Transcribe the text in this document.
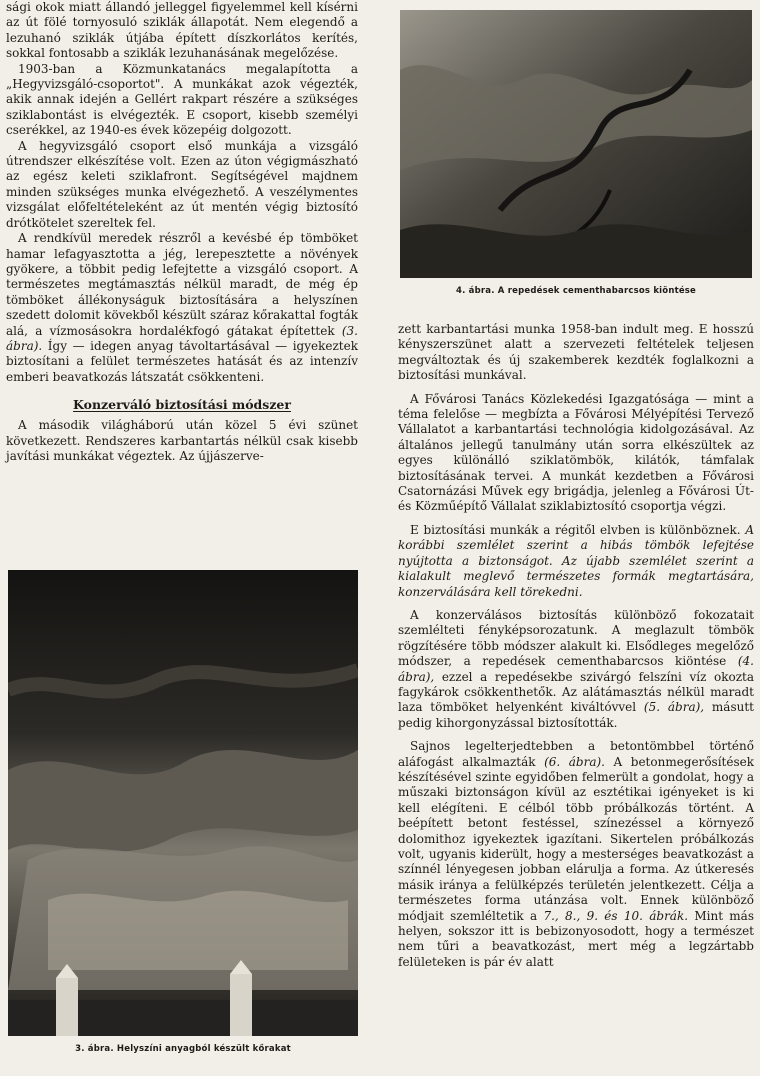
sági okok miatt állandó jelleggel figyelemmel kell kísérni az út fölé tornyosuló sziklák állapotát. Nem elegendő a lezuhanó sziklák útjába épített díszkorlátos kerítés, sokkal fontosabb a sziklák lezuhanásának megelőzése.

1903-ban a Közmunkatanács megalapította a „Hegyvizsgáló-csoportot". A munkákat azok végezték, akik annak idején a Gellért rakpart részére a szükséges sziklabontást is elvégezték. E csoport, kisebb személyi cserékkel, az 1940-es évek közepéig dolgozott.

A hegyvizsgáló csoport első munkája a vizsgáló útrendszer elkészítése volt. Ezen az úton végigmászható az egész keleti sziklafront. Segítségével majdnem minden szükséges munka elvégezhető. A veszélymentes vizsgálat előfeltételeként az út mentén végig biztosító drótkötelet szereltek fel.

A rendkívül meredek részről a kevésbé ép tömböket hamar lefagyasztotta a jég, lerepesztette a növények gyökere, a többit pedig lefejtette a vizsgáló csoport. A természetes megtámasztás nélkül maradt, de még ép tömböket állékonyságuk biztosítására a helyszínen szedett dolomit kövekből készült száraz kőrakattal fogták alá, a vízmosásokra hordalékfogó gátakat építettek (3. ábra). Így — idegen anyag távoltartásával — igyekeztek biztosítani a felület természetes hatását és az intenzív emberi beavatkozás látszatát csökkenteni.

Konzerváló biztosítási módszer

A második világháború után közel 5 évi szünet következett. Rendszeres karbantartás nélkül csak kisebb javítási munkákat végeztek. Az újjászerve-

3. ábra. Helyszíni anyagból készült kőrakat
4. ábra. A repedések cementhabarcsos kiöntése

zett karbantartási munka 1958-ban indult meg. E hosszú kényszerszünet alatt a szervezeti feltételek teljesen megváltoztak és új szakemberek kezdték foglalkozni a biztosítási munkával.

A Fővárosi Tanács Közlekedési Igazgatósága — mint a téma felelőse — megbízta a Fővárosi Mélyépítési Tervező Vállalatot a karbantartási technológia kidolgozásával. Az általános jellegű tanulmány után sorra elkészültek az egyes különálló sziklatömbök, kilátók, támfalak biztosításának tervei. A munkát kezdetben a Fővárosi Csatornázási Művek egy brigádja, jelenleg a Fővárosi Út- és Közműépítő Vállalat sziklabiztosító csoportja végzi.

E biztosítási munkák a régitől elvben is különböznek. A korábbi szemlélet szerint a hibás tömbök lefejtése nyújtotta a biztonságot. Az újabb szemlélet szerint a kialakult meglevő természetes formák megtartására, konzerválására kell törekedni.

A konzerválásos biztosítás különböző fokozatait szemlélteti fényképsorozatunk. A meglazult tömbök rögzítésére több módszer alakult ki. Elsődleges megelőző módszer, a repedések cementhabarcsos kiöntése (4. ábra), ezzel a repedésekbe szivárgó felszíni víz okozta fagykárok csökkenthetők. Az alátámasztás nélkül maradt laza tömböket helyenként kiváltóvvel (5. ábra), másutt pedig kihorgonyzással biztosították.

Sajnos legelterjedtebben a betontömbbel történő aláfogást alkalmazták (6. ábra). A betonmegerősítések készítésével szinte egyidőben felmerült a gondolat, hogy a műszaki biztonságon kívül az esztétikai igényeket is ki kell elégíteni. E célból több próbálkozás történt. A beépített betont festéssel, színezéssel a környező dolomithoz igyekeztek igazítani. Sikertelen próbálkozás volt, ugyanis kiderült, hogy a mesterséges beavatkozást a színnél lényegesen jobban elárulja a forma. Az útkeresés másik iránya a felülképzés területén jelentkezett. Célja a természetes forma utánzása volt. Ennek különböző módjait szemléltetik a 7., 8., 9. és 10. ábrák. Mint más helyen, sokszor itt is bebizonyosodott, hogy a természet nem tűri a beavatkozást, mert még a legzártabb felületeken is pár év alatt
